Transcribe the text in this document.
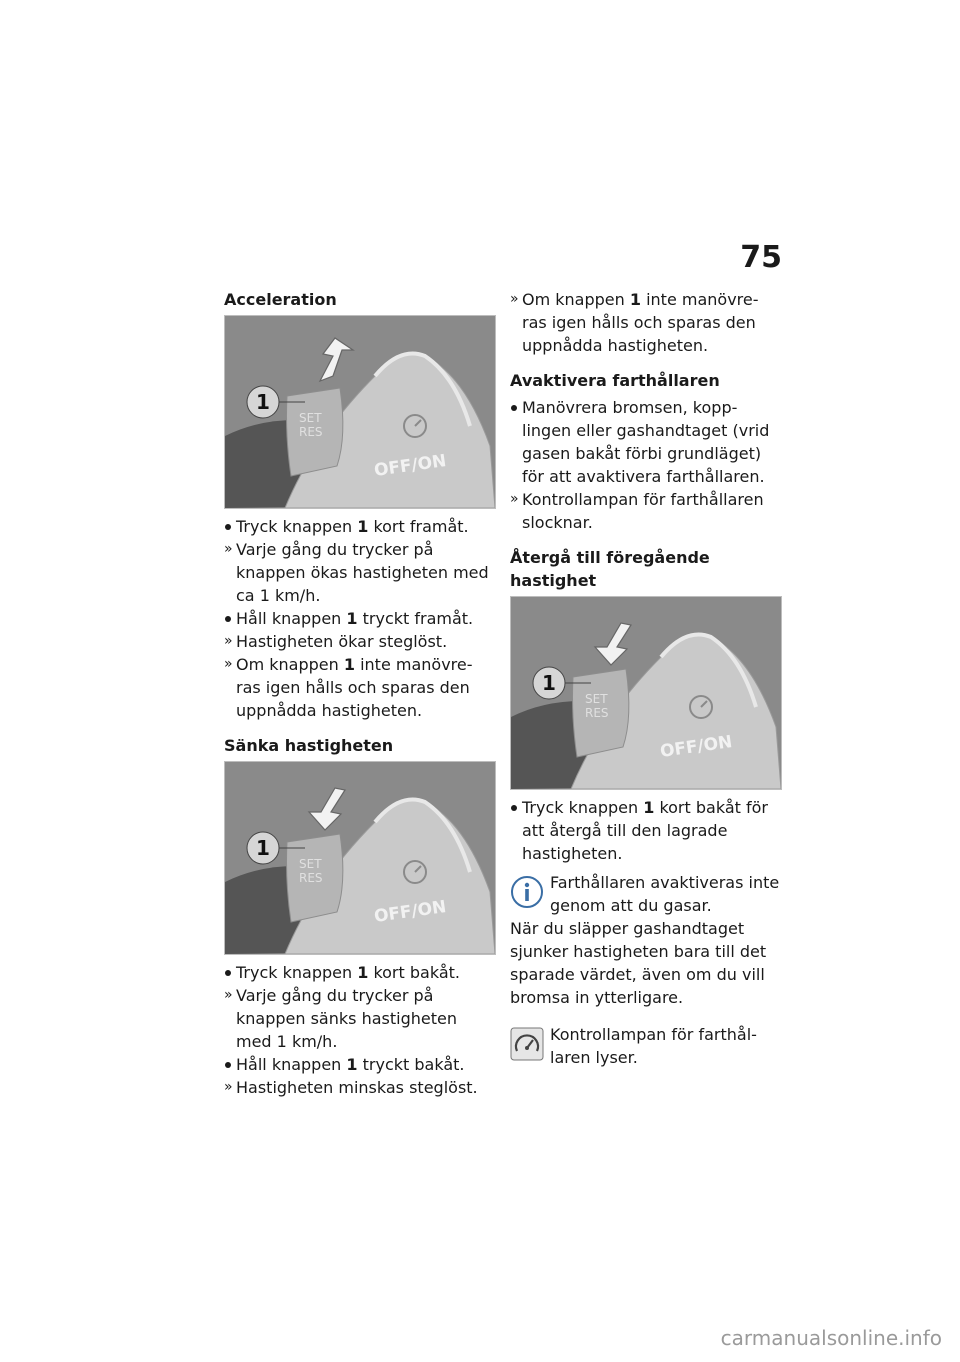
75
Acceleration
1
SET
RES
OFF/ON

Tryck knappen 1 kort framåt.

» Varje gång du trycker på knappen ökas hastigheten med ca 1 km/h.

Håll knappen 1 tryckt framåt.

» Hastigheten ökar steglöst.

» Om knappen 1 inte manövre-ras igen hålls och sparas den uppnådda hastigheten.

Sänka hastigheten
1
SET
RES
OFF/ON

Tryck knappen 1 kort bakåt.

» Varje gång du trycker på knappen sänks hastigheten med 1 km/h.

Håll knappen 1 tryckt bakåt.

» Hastigheten minskas steglöst.

» Om knappen 1 inte manövre-ras igen hålls och sparas den uppnådda hastigheten.

Avaktivera farthållaren

Manövrera bromsen, kopp-lingen eller gashandtaget (vrid gasen bakåt förbi grundläget) för att avaktivera farthållaren.

» Kontrollampan för farthållaren slocknar.

Återgå till föregående hastighet
1
SET
RES
OFF/ON

Tryck knappen 1 kort bakåt för att återgå till den lagrade hastigheten.

Farthållaren avaktiveras inte genom att du gasar.
När du släpper gashandtaget sjunker hastigheten bara till det sparade värdet, även om du vill bromsa in ytterligare.
Kontrollampan för farthål-laren lyser.
carmanualsonline.info
